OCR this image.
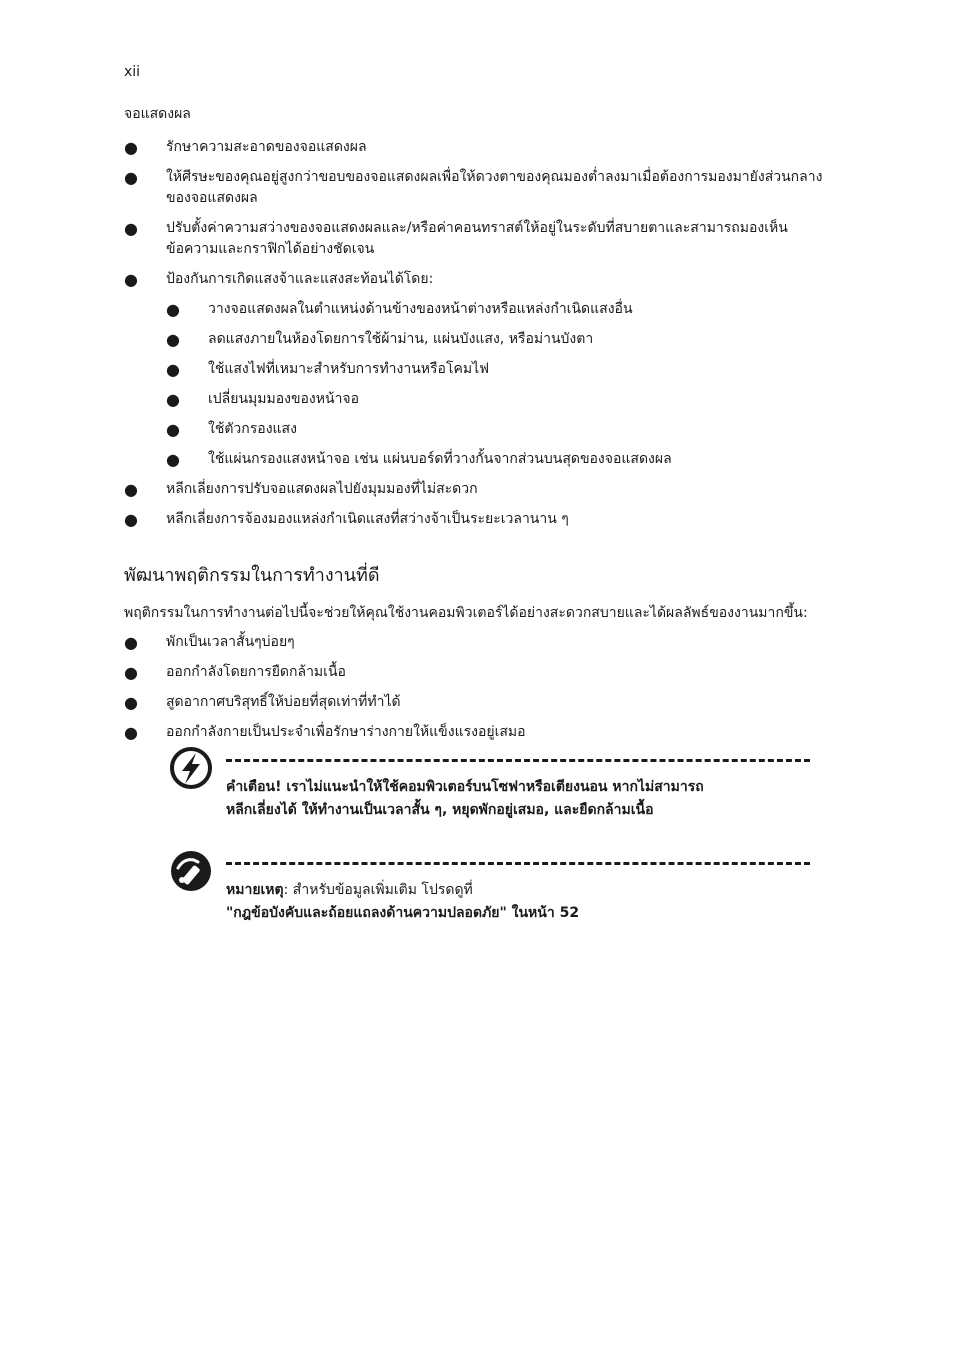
xii

จอแสดงผล

● รักษาความสะอาดของจอแสดงผล
● ให้ศีรษะของคุณอยู่สูงกว่าขอบของจอแสดงผลเพื่อให้ดวงตาของคุณมองต่ำลงมาเมื่อต้องการมองมายังส่วนกลางของจอแสดงผล
● ปรับตั้งค่าความสว่างของจอแสดงผลและ/หรือค่าคอนทราสต์ให้อยู่ในระดับที่สบายตาและสามารถมองเห็นข้อความและกราฟิกได้อย่างชัดเจน
● ป้องกันการเกิดแสงจ้าและแสงสะท้อนได้โดย:
● วางจอแสดงผลในตำแหน่งด้านข้างของหน้าต่างหรือแหล่งกำเนิดแสงอื่น
● ลดแสงภายในห้องโดยการใช้ผ้าม่าน, แผ่นบังแสง, หรือม่านบังตา
● ใช้แสงไฟที่เหมาะสำหรับการทำงานหรือโคมไฟ
● เปลี่ยนมุมมองของหน้าจอ
● ใช้ตัวกรองแสง
● ใช้แผ่นกรองแสงหน้าจอ เช่น แผ่นบอร์ดที่วางกั้นจากส่วนบนสุดของจอแสดงผล
● หลีกเลี่ยงการปรับจอแสดงผลไปยังมุมมองที่ไม่สะดวก
● หลีกเลี่ยงการจ้องมองแหล่งกำเนิดแสงที่สว่างจ้าเป็นระยะเวลานาน ๆ
พัฒนาพฤติกรรมในการทำงานที่ดี

พฤติกรรมในการทำงานต่อไปนี้จะช่วยให้คุณใช้งานคอมพิวเตอร์ได้อย่างสะดวกสบายและได้ผลลัพธ์ของงานมากขึ้น:

● พักเป็นเวลาสั้นๆบ่อยๆ
● ออกกำลังโดยการยืดกล้ามเนื้อ
● สูดอากาศบริสุทธิ์ให้บ่อยที่สุดเท่าที่ทำได้
● ออกกำลังกายเป็นประจำเพื่อรักษาร่างกายให้แข็งแรงอยู่เสมอ

คำเตือน! เราไม่แนะนำให้ใช้คอมพิวเตอร์บนโซฟาหรือเตียงนอน หากไม่สามารถ
หลีกเลี่ยงได้ ให้ทำงานเป็นเวลาสั้น ๆ, หยุดพักอยู่เสมอ, และยืดกล้ามเนื้อ

หมายเหตุ: สำหรับข้อมูลเพิ่มเติม โปรดดูที่
"กฎข้อบังคับและถ้อยแถลงด้านความปลอดภัย" ในหน้า 52
